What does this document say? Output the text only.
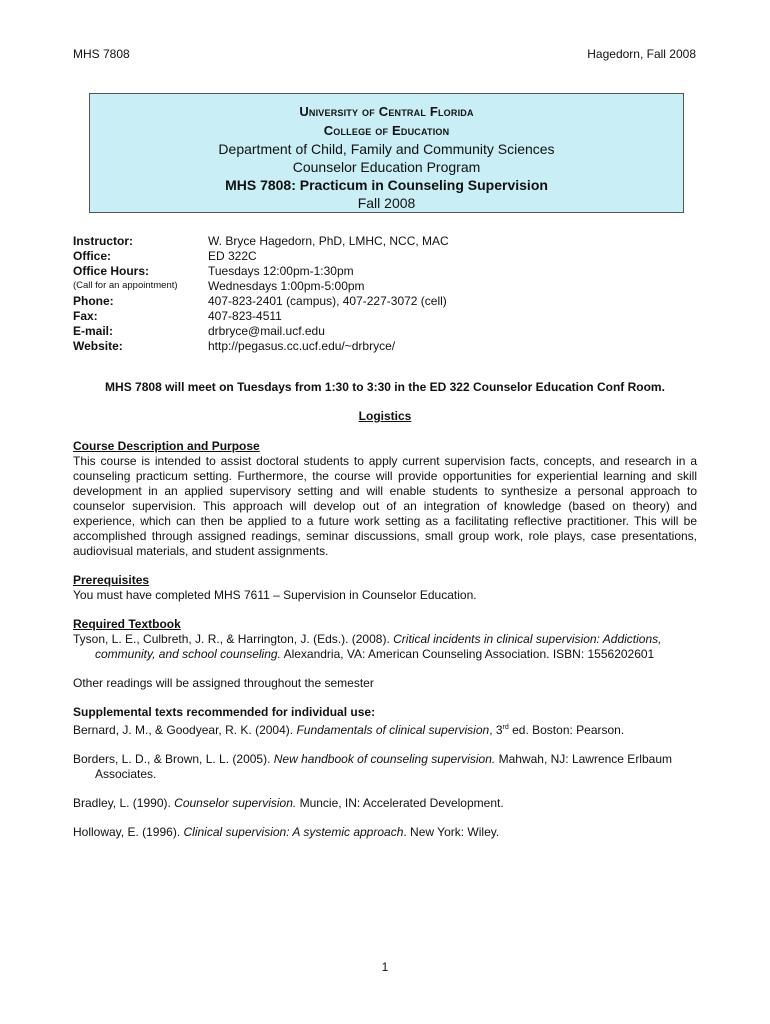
MHS 7808	Hagedorn, Fall 2008
University of Central Florida
College of Education
Department of Child, Family and Community Sciences
Counselor Education Program
MHS 7808: Practicum in Counseling Supervision
Fall 2008
Instructor:	W. Bryce Hagedorn, PhD, LMHC, NCC, MAC
Office:	ED 322C
Office Hours:	Tuesdays 12:00pm-1:30pm
(Call for an appointment)	Wednesdays 1:00pm-5:00pm
Phone:	407-823-2401 (campus), 407-227-3072 (cell)
Fax:	407-823-4511
E-mail:	drbryce@mail.ucf.edu
Website:	http://pegasus.cc.ucf.edu/~drbryce/
MHS 7808 will meet on Tuesdays from 1:30 to 3:30 in the ED 322 Counselor Education Conf Room.
Logistics
Course Description and Purpose
This course is intended to assist doctoral students to apply current supervision facts, concepts, and research in a counseling practicum setting. Furthermore, the course will provide opportunities for experiential learning and skill development in an applied supervisory setting and will enable students to synthesize a personal approach to counselor supervision. This approach will develop out of an integration of knowledge (based on theory) and experience, which can then be applied to a future work setting as a facilitating reflective practitioner. This will be accomplished through assigned readings, seminar discussions, small group work, role plays, case presentations, audiovisual materials, and student assignments.
Prerequisites
You must have completed MHS 7611 – Supervision in Counselor Education.
Required Textbook
Tyson, L. E., Culbreth, J. R., & Harrington, J. (Eds.). (2008). Critical incidents in clinical supervision: Addictions, community, and school counseling. Alexandria, VA: American Counseling Association. ISBN: 1556202601
Other readings will be assigned throughout the semester
Supplemental texts recommended for individual use:
Bernard, J. M., & Goodyear, R. K. (2004). Fundamentals of clinical supervision, 3rd ed. Boston: Pearson.
Borders, L. D., & Brown, L. L. (2005). New handbook of counseling supervision. Mahwah, NJ: Lawrence Erlbaum Associates.
Bradley, L. (1990). Counselor supervision. Muncie, IN: Accelerated Development.
Holloway, E. (1996). Clinical supervision: A systemic approach. New York: Wiley.
1
